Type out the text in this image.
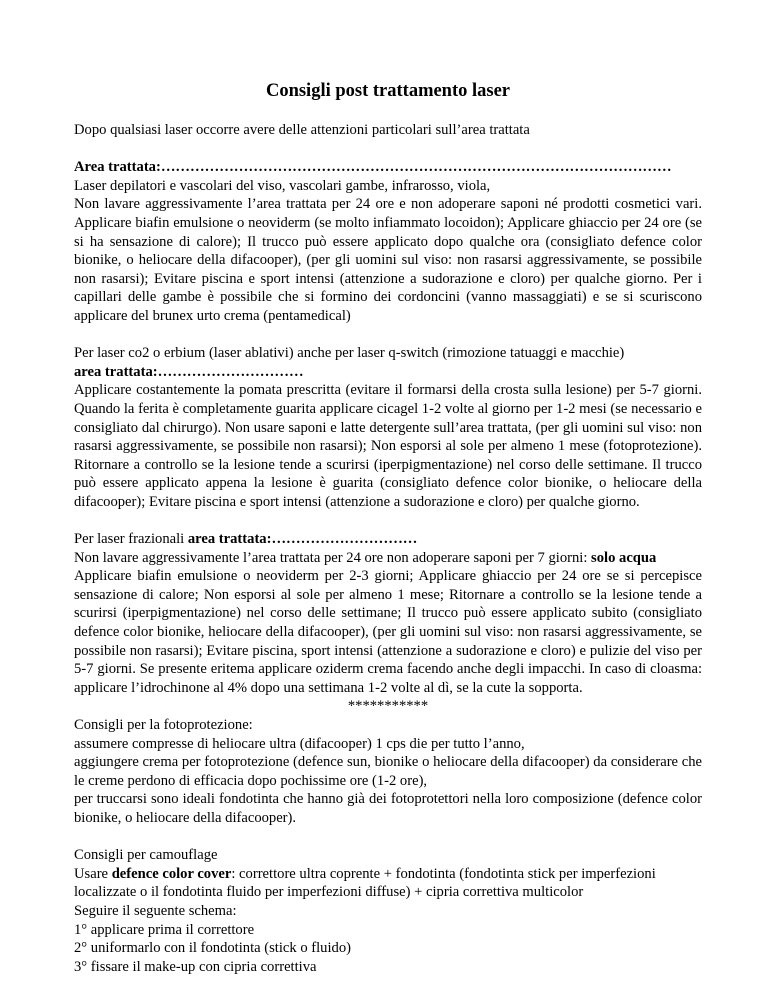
Consigli post trattamento laser
Dopo qualsiasi laser occorre avere delle attenzioni particolari sull’area trattata
Area trattata:……………………………………………………………………………………………
Laser depilatori e vascolari del viso, vascolari gambe, infrarosso, viola,
Non lavare aggressivamente l’area trattata per 24 ore e non adoperare saponi né prodotti cosmetici vari. Applicare biafin emulsione o neoviderm (se molto infiammato locoidon); Applicare ghiaccio per 24 ore (se si ha sensazione di calore); Il trucco può essere applicato dopo qualche ora (consigliato defence color bionike, o heliocare della difacooper), (per gli uomini sul viso: non rasarsi aggressivamente, se possibile non rasarsi); Evitare piscina e sport intensi (attenzione a sudorazione e cloro) per qualche giorno. Per i capillari delle gambe è possibile che si formino dei cordoncini (vanno massaggiati) e se si scuriscono applicare del brunex urto crema (pentamedical)
Per laser co2 o erbium (laser ablativi) anche per laser q-switch (rimozione tatuaggi e macchie)
area trattata:…………………………
Applicare costantemente la pomata prescritta (evitare il formarsi della crosta sulla lesione) per 5-7 giorni. Quando la ferita è completamente guarita applicare cicagel 1-2 volte al giorno per 1-2 mesi (se necessario e consigliato dal chirurgo). Non usare saponi e latte detergente sull’area trattata, (per gli uomini sul viso: non rasarsi aggressivamente, se possibile non rasarsi); Non esporsi al sole per almeno 1 mese (fotoprotezione). Ritornare a controllo se la lesione tende a scurirsi (iperpigmentazione) nel corso delle settimane. Il trucco può essere applicato appena la lesione è guarita (consigliato defence color bionike, o heliocare della difacooper); Evitare piscina e sport intensi (attenzione a sudorazione e cloro) per qualche giorno.
Per laser frazionali area trattata:…………………………
Non lavare aggressivamente l’area trattata per 24 ore non adoperare saponi per 7 giorni: solo acqua
Applicare biafin emulsione o neoviderm per 2-3 giorni; Applicare ghiaccio per 24 ore se si percepisce sensazione di calore; Non esporsi al sole per almeno 1 mese; Ritornare a controllo se la lesione tende a scurirsi (iperpigmentazione) nel corso delle settimane; Il trucco può essere applicato subito (consigliato defence color bionike, heliocare della difacooper), (per gli uomini sul viso: non rasarsi aggressivamente, se possibile non rasarsi); Evitare piscina, sport intensi (attenzione a sudorazione e cloro) e pulizie del viso per 5-7 giorni. Se presente eritema applicare oziderm crema facendo anche degli impacchi. In caso di cloasma: applicare l’idrochinone al 4% dopo una settimana 1-2 volte al dì, se la cute la sopporta.
***********
Consigli per la fotoprotezione:
assumere compresse di heliocare ultra (difacooper) 1 cps die per tutto l’anno,
aggiungere crema per fotoprotezione (defence sun, bionike o heliocare della difacooper) da considerare che le creme perdono di efficacia dopo pochissime ore (1-2 ore),
per truccarsi sono ideali fondotinta che hanno già dei fotoprotettori nella loro composizione (defence color bionike, o heliocare della difacooper).
Consigli per camouflage
Usare defence color cover: correttore ultra coprente + fondotinta (fondotinta stick per imperfezioni localizzate o il fondotinta fluido per imperfezioni diffuse) + cipria correttiva multicolor
Seguire il seguente schema:
1° applicare prima il correttore
2° uniformarlo con il fondotinta (stick o fluido)
3° fissare il make-up con cipria correttiva
